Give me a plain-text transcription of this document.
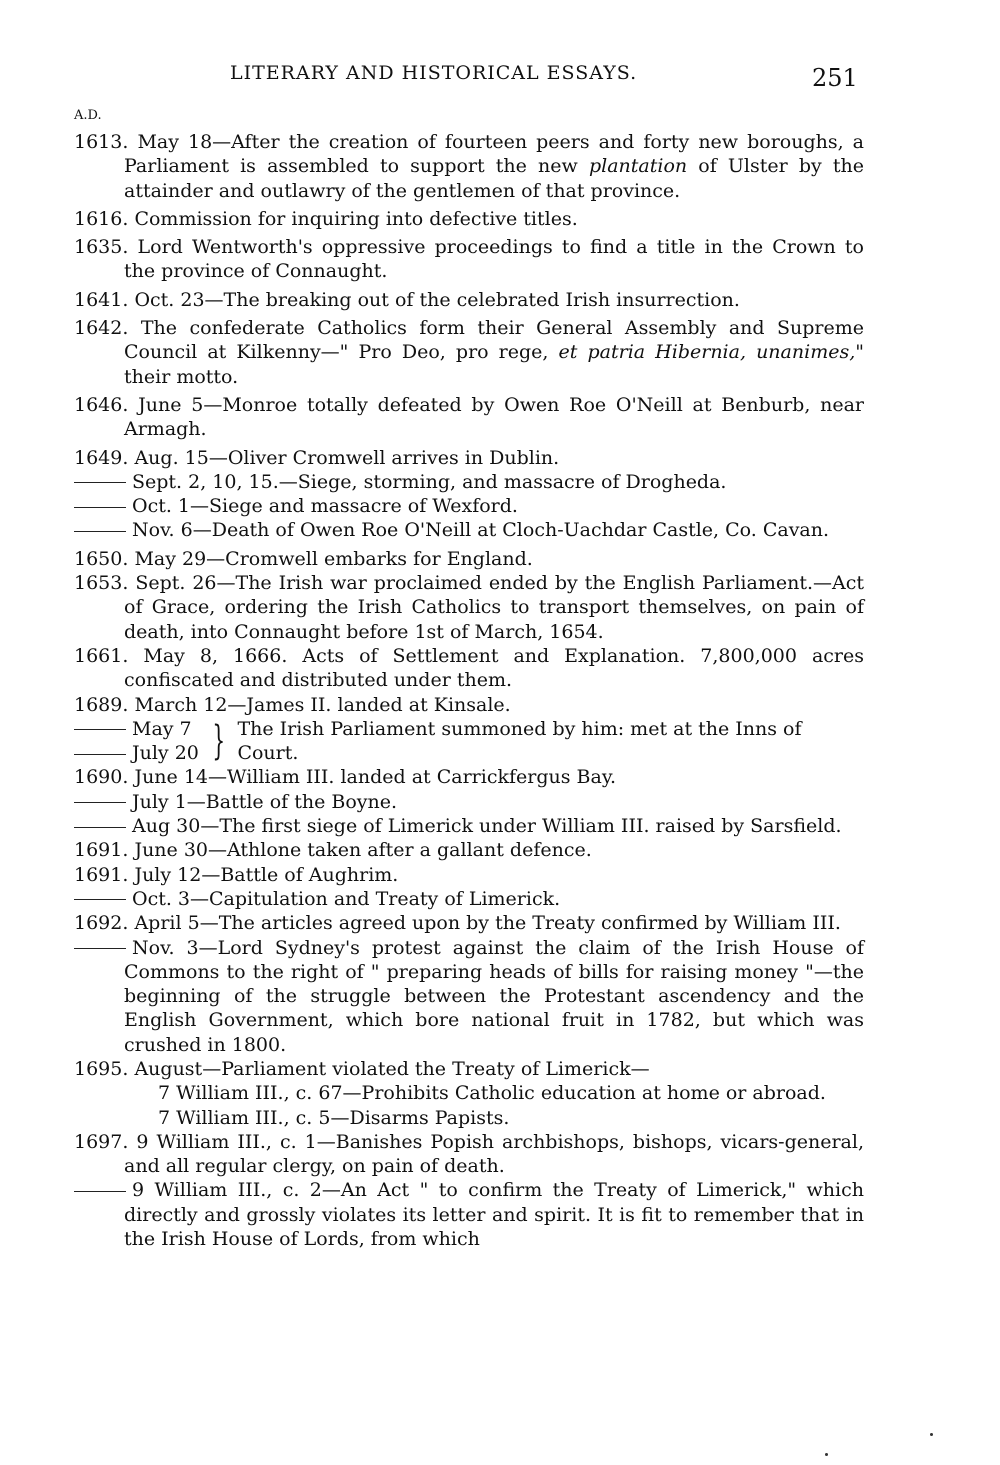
LITERARY AND HISTORICAL ESSAYS.	251
A.D.
1613. May 18—After the creation of fourteen peers and forty new boroughs, a Parliament is assembled to support the new plantation of Ulster by the attainder and outlawry of the gentlemen of that province.
1616. Commission for inquiring into defective titles.
1635. Lord Wentworth's oppressive proceedings to find a title in the Crown to the province of Connaught.
1641. Oct. 23—The breaking out of the celebrated Irish insurrection.
1642. The confederate Catholics form their General Assembly and Supreme Council at Kilkenny—" Pro Deo, pro rege, et patria Hibernia, unanimes," their motto.
1646. June 5—Monroe totally defeated by Owen Roe O'Neill at Benburb, near Armagh.
1649. Aug. 15—Oliver Cromwell arrives in Dublin.
Sept. 2, 10, 15.—Siege, storming, and massacre of Drogheda.
Oct. 1—Siege and massacre of Wexford.
Nov. 6—Death of Owen Roe O'Neill at Cloch-Uachdar Castle, Co. Cavan.
1650. May 29—Cromwell embarks for England.
1653. Sept. 26—The Irish war proclaimed ended by the English Parliament.—Act of Grace, ordering the Irish Catholics to transport themselves, on pain of death, into Connaught before 1st of March, 1654.
1661. May 8, 1666. Acts of Settlement and Explanation. 7,800,000 acres confiscated and distributed under them.
1689. March 12—James II. landed at Kinsale.
May 7
July 20 } The Irish Parliament summoned by him: met at the Inns of Court.
1690. June 14—William III. landed at Carrickfergus Bay.
July 1—Battle of the Boyne.
Aug 30—The first siege of Limerick under William III. raised by Sarsfield.
1691. June 30—Athlone taken after a gallant defence.
1691. July 12—Battle of Aughrim.
Oct. 3—Capitulation and Treaty of Limerick.
1692. April 5—The articles agreed upon by the Treaty confirmed by William III.
Nov. 3—Lord Sydney's protest against the claim of the Irish House of Commons to the right of " preparing heads of bills for raising money "—the beginning of the struggle between the Protestant ascendency and the English Government, which bore national fruit in 1782, but which was crushed in 1800.
1695. August—Parliament violated the Treaty of Limerick—
7 William III., c. 67—Prohibits Catholic education at home or abroad.
7 William III., c. 5—Disarms Papists.
1697. 9 William III., c. 1—Banishes Popish archbishops, bishops, vicars-general, and all regular clergy, on pain of death.
9 William III., c. 2—An Act " to confirm the Treaty of Limerick," which directly and grossly violates its letter and spirit. It is fit to remember that in the Irish House of Lords, from which
